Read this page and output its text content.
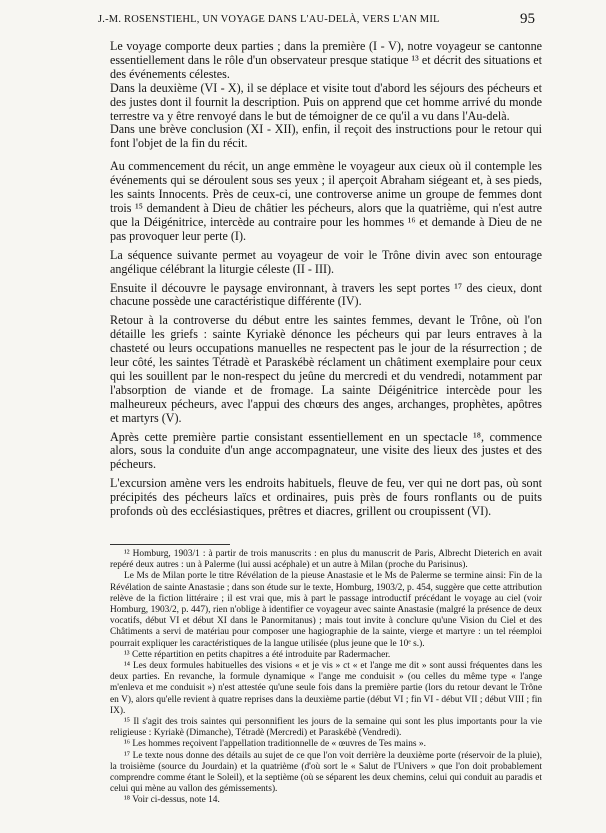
J.-M. ROSENSTIEHL, UN VOYAGE DANS L'AU-DELÀ, VERS L'AN MIL	95

Le voyage comporte deux parties ; dans la première (I - V), notre voyageur se cantonne essentiellement dans le rôle d'un observateur presque statique ¹³ et décrit des situations et des événements célestes.

Dans la deuxième (VI - X), il se déplace et visite tout d'abord les séjours des pécheurs et des justes dont il fournit la description. Puis on apprend que cet homme arrivé du monde terrestre va y être renvoyé dans le but de témoigner de ce qu'il a vu dans l'Au-delà.

Dans une brève conclusion (XI - XII), enfin, il reçoit des instructions pour le retour qui font l'objet de la fin du récit.

Au commencement du récit, un ange emmène le voyageur aux cieux où il contemple les événements qui se déroulent sous ses yeux ; il aperçoit Abraham siégeant et, à ses pieds, les saints Innocents. Près de ceux-ci, une controverse anime un groupe de femmes dont trois ¹⁵ demandent à Dieu de châtier les pécheurs, alors que la quatrième, qui n'est autre que la Déigénitrice, intercède au contraire pour les hommes ¹⁶ et demande à Dieu de ne pas provoquer leur perte (I).

La séquence suivante permet au voyageur de voir le Trône divin avec son entourage angélique célébrant la liturgie céleste (II - III).

Ensuite il découvre le paysage environnant, à travers les sept portes ¹⁷ des cieux, dont chacune possède une caractéristique différente (IV).

Retour à la controverse du début entre les saintes femmes, devant le Trône, où l'on détaille les griefs : sainte Kyriakè dénonce les pécheurs qui par leurs entraves à la chasteté ou leurs occupations manuelles ne respectent pas le jour de la résurrection ; de leur côté, les saintes Tétradè et Paraskébè réclament un châtiment exemplaire pour ceux qui les souillent par le non-respect du jeûne du mercredi et du vendredi, notamment par l'absorption de viande et de fromage. La sainte Déigénitrice intercède pour les malheureux pécheurs, avec l'appui des chœurs des anges, archanges, prophètes, apôtres et martyrs (V).

Après cette première partie consistant essentiellement en un spectacle ¹⁸, commence alors, sous la conduite d'un ange accompagnateur, une visite des lieux des justes et des pécheurs.

L'excursion amène vers les endroits habituels, fleuve de feu, ver qui ne dort pas, où sont précipités des pécheurs laïcs et ordinaires, puis près de fours ronflants ou de puits profonds où des ecclésiastiques, prêtres et diacres, grillent ou croupissent (VI).

¹² Homburg, 1903/1 : à partir de trois manuscrits : en plus du manuscrit de Paris, Albrecht Dieterich en avait repéré deux autres : un à Palerme (lui aussi acéphale) et un autre à Milan (proche du Parisinus).

Le Ms de Milan porte le titre Révélation de la pieuse Anastasie et le Ms de Palerme se termine ainsi: Fin de la Révélation de sainte Anastasie ; dans son étude sur le texte, Homburg, 1903/2, p. 454, suggère que cette attribution relève de la fiction littéraire ; il est vrai que, mis à part le passage introductif précédant le voyage au ciel (voir Homburg, 1903/2, p. 447), rien n'oblige à identifier ce voyageur avec sainte Anastasie (malgré la présence de deux vocatifs, début VI et début XI dans le Panormitanus) ; mais tout invite à conclure qu'une Vision du Ciel et des Châtiments a servi de matériau pour composer une hagiographie de la sainte, vierge et martyre : un tel réemploi pourrait expliquer les caractéristiques de la langue utilisée (plus jeune que le 10ᵉ s.).

¹³ Cette répartition en petits chapitres a été introduite par Radermacher.

¹⁴ Les deux formules habituelles des visions « et je vis » ct « et l'ange me dit » sont aussi fréquentes dans les deux parties. En revanche, la formule dynamique « l'ange me conduisit » (ou celles du même type « l'ange m'enleva et me conduisit ») n'est attestée qu'une seule fois dans la première partie (lors du retour devant le Trône en V), alors qu'elle revient à quatre reprises dans la deuxième partie (début VI ; fin VI - début VII ; début VIII ; fin IX).

¹⁵ Il s'agit des trois saintes qui personnifient les jours de la semaine qui sont les plus importants pour la vie religieuse : Kyriakè (Dimanche), Tétradè (Mercredi) et Paraskébè (Vendredi).

¹⁶ Les hommes reçoivent l'appellation traditionnelle de « œuvres de Tes mains ».

¹⁷ Le texte nous donne des détails au sujet de ce que l'on voit derrière la deuxième porte (réservoir de la pluie), la troisième (source du Jourdain) et la quatrième (d'où sort le « Salut de l'Univers » que l'on doit probablement comprendre comme étant le Soleil), et la septième (où se séparent les deux chemins, celui qui conduit au paradis et celui qui mène au vallon des gémissements).

¹⁸ Voir ci-dessus, note 14.
